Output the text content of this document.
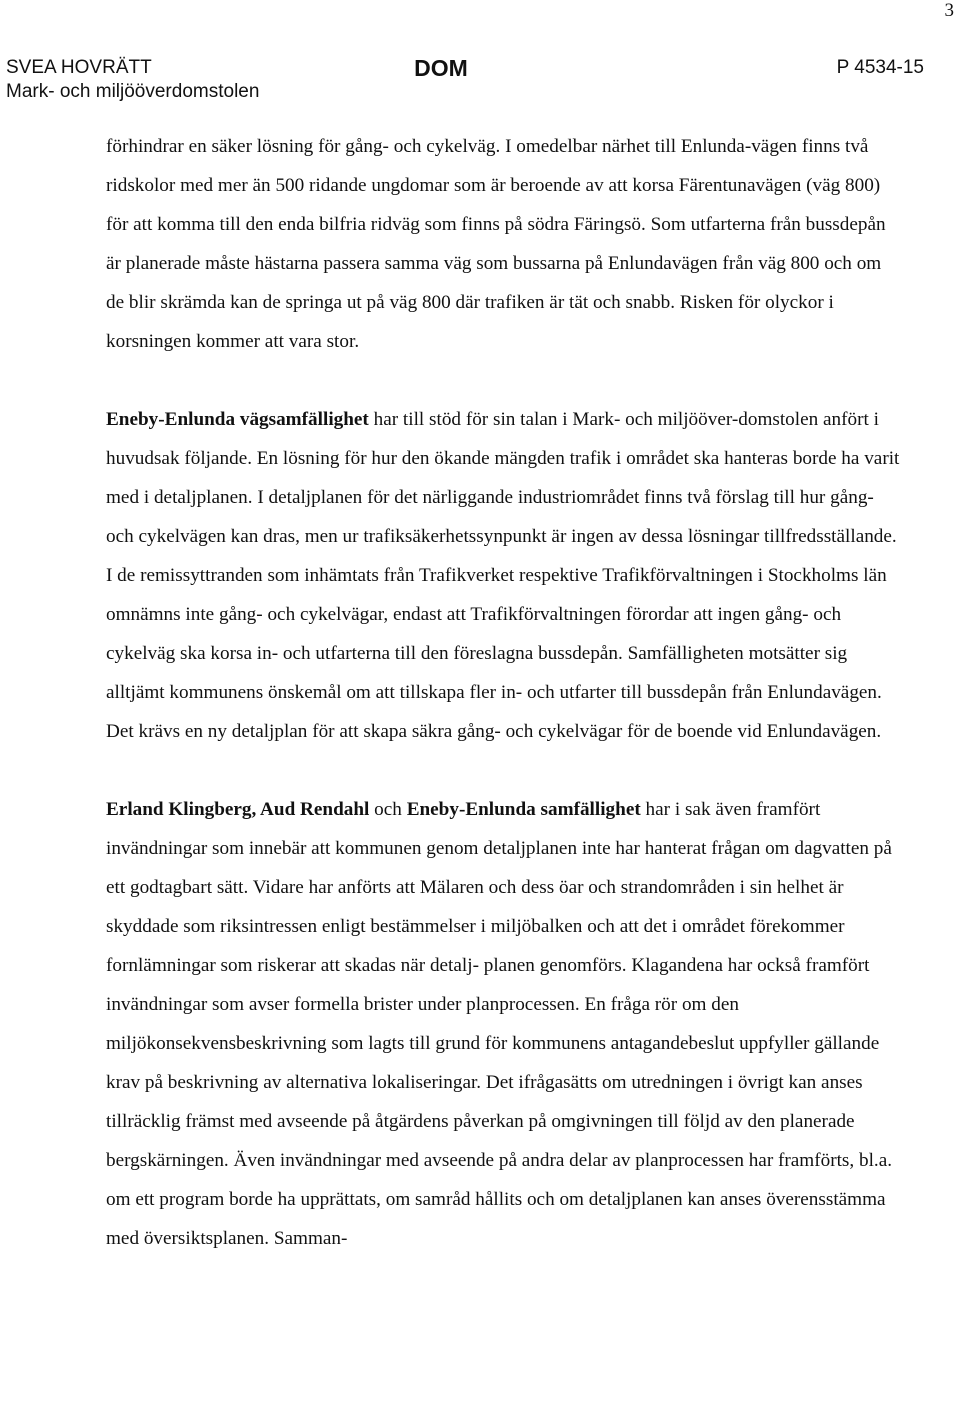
3
SVEA HOVRÄTT
Mark- och miljööverdomstolen
DOM	P 4534-15

förhindrar en säker lösning för gång- och cykelväg. I omedelbar närhet till Enlunda-vägen finns två ridskolor med mer än 500 ridande ungdomar som är beroende av att korsa Färentunavägen (väg 800) för att komma till den enda bilfria ridväg som finns på södra Färingsö. Som utfarterna från bussdepån är planerade måste hästarna passera samma väg som bussarna på Enlundavägen från väg 800 och om de blir skrämda kan de springa ut på väg 800 där trafiken är tät och snabb. Risken för olyckor i korsningen kommer att vara stor.

Eneby-Enlunda vägsamfällighet har till stöd för sin talan i Mark- och miljööver-domstolen anfört i huvudsak följande. En lösning för hur den ökande mängden trafik i området ska hanteras borde ha varit med i detaljplanen. I detaljplanen för det närliggande industriområdet finns två förslag till hur gång- och cykelvägen kan dras, men ur trafiksäkerhetssynpunkt är ingen av dessa lösningar tillfredsställande. I de remissyttranden som inhämtats från Trafikverket respektive Trafikförvaltningen i Stockholms län omnämns inte gång- och cykelvägar, endast att Trafikförvaltningen förordar att ingen gång- och cykelväg ska korsa in- och utfarterna till den föreslagna bussdepån. Samfälligheten motsätter sig alltjämt kommunens önskemål om att tillskapa fler in- och utfarter till bussdepån från Enlundavägen. Det krävs en ny detaljplan för att skapa säkra gång- och cykelvägar för de boende vid Enlundavägen.

Erland Klingberg, Aud Rendahl och Eneby-Enlunda samfällighet har i sak även framfört invändningar som innebär att kommunen genom detaljplanen inte har hanterat frågan om dagvatten på ett godtagbart sätt. Vidare har anförts att Mälaren och dess öar och strandområden i sin helhet är skyddade som riksintressen enligt bestämmelser i miljöbalken och att det i området förekommer fornlämningar som riskerar att skadas när detalj- planen genomförs. Klagandena har också framfört invändningar som avser formella brister under planprocessen. En fråga rör om den miljökonsekvensbeskrivning som lagts till grund för kommunens antagandebeslut uppfyller gällande krav på beskrivning av alternativa lokaliseringar. Det ifrågasätts om utredningen i övrigt kan anses tillräcklig främst med avseende på åtgärdens påverkan på omgivningen till följd av den planerade bergskärningen. Även invändningar med avseende på andra delar av planprocessen har framförts, bl.a. om ett program borde ha upprättats, om samråd hållits och om detaljplanen kan anses överensstämma med översiktsplanen. Samman-
